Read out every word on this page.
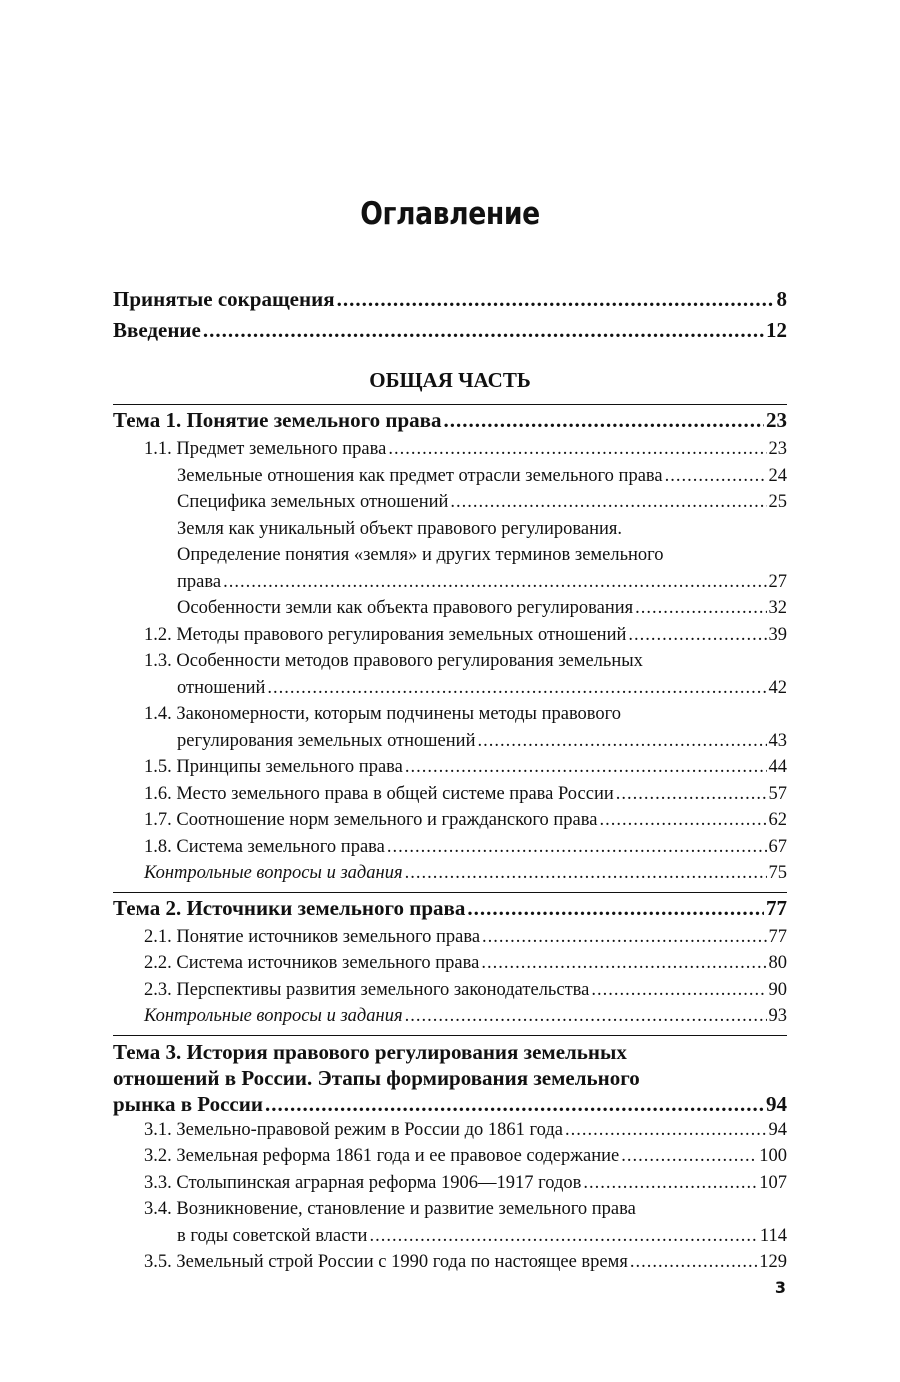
Оглавление
Принятые сокращения .....	8
Введение .....	12
ОБЩАЯ ЧАСТЬ
Тема 1. Понятие земельного права .....	23
1.1. Предмет земельного права .....	23
Земельные отношения как предмет отрасли земельного права .....	24
Специфика земельных отношений .....	25
Земля как уникальный объект правового регулирования.
Определение понятия «земля» и других терминов земельного
права .....	27
Особенности земли как объекта правового регулирования .....	32
1.2. Методы правового регулирования земельных отношений .....	39
1.3. Особенности методов правового регулирования земельных
отношений .....	42
1.4. Закономерности, которым подчинены методы правового
регулирования земельных отношений .....	43
1.5. Принципы земельного права .....	44
1.6. Место земельного права в общей системе права России .....	57
1.7. Соотношение норм земельного и гражданского права .....	62
1.8. Система земельного права .....	67
Контрольные вопросы и задания .....	75
Тема 2. Источники земельного права .....	77
2.1. Понятие источников земельного права .....	77
2.2. Система источников земельного права .....	80
2.3. Перспективы развития земельного законодательства .....	90
Контрольные вопросы и задания .....	93
Тема 3. История правового регулирования земельных
отношений в России. Этапы формирования земельного
рынка в России .....	94
3.1. Земельно-правовой режим в России до 1861 года .....	94
3.2. Земельная реформа 1861 года и ее правовое содержание .....	100
3.3. Столыпинская аграрная реформа 1906—1917 годов .....	107
3.4. Возникновение, становление и развитие земельного права
в годы советской власти .....	114
3.5. Земельный строй России с 1990 года по настоящее время .....	129
3
